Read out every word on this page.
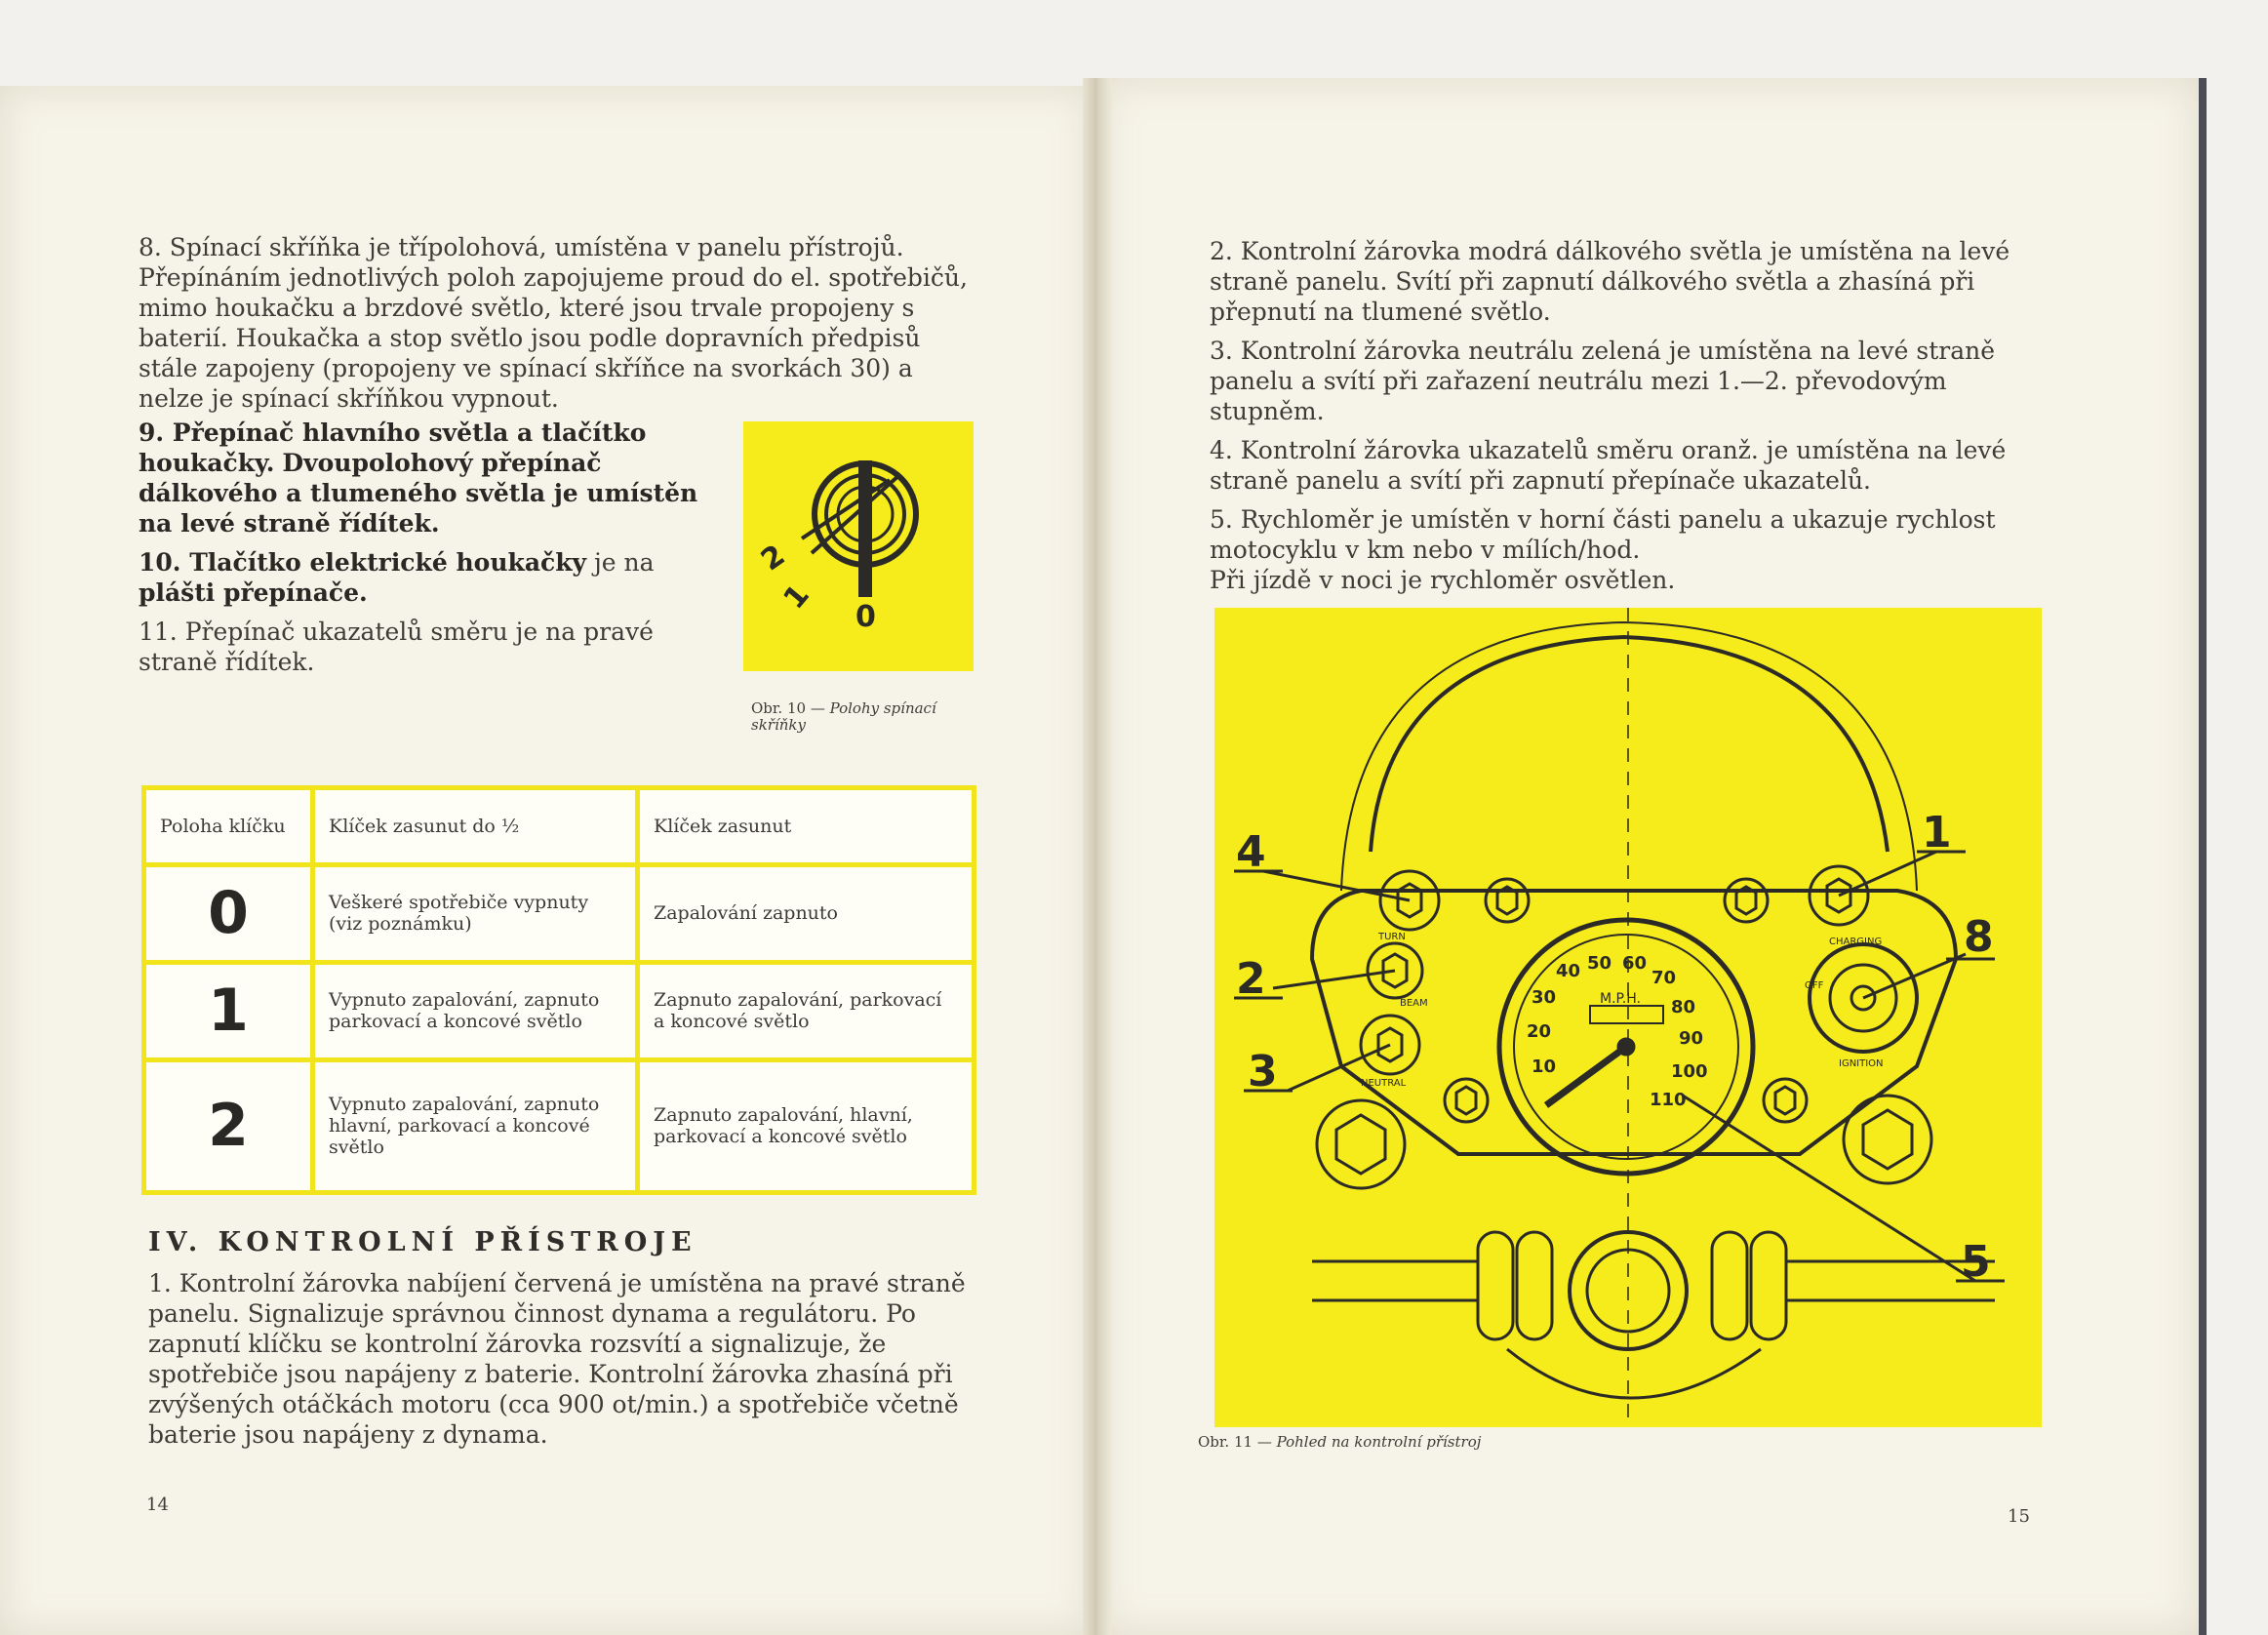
8. Spínací skříňka je třípolohová, umístěna v panelu přístrojů. Přepínáním jednotlivých poloh zapojujeme proud do el. spotřebičů, mimo houkačku a brzdové světlo, které jsou trvale propojeny s baterií. Houkačka a stop světlo jsou podle dopravních předpisů stále zapojeny (propojeny ve spínací skříňce na svorkách 30) a nelze je spínací skříňkou vypnout.

9. Přepínač hlavního světla a tlačítko houkačky. Dvoupolohový přepínač dálkového a tlumeného světla je umístěn na levé straně řídítek.

10. Tlačítko elektrické houkačky je na plášti přepínače.

11. Přepínač ukazatelů směru je na pravé straně řídítek.

2
1
0
Obr. 10 — Polohy spínací skříňky
Poloha klíčku	Klíček zasunut do ½	Klíček zasunut
0	Veškeré spotřebiče vypnuty (viz poznámku)	Zapalování zapnuto
1	Vypnuto zapalování, zapnuto parkovací a koncové světlo	Zapnuto zapalování, parkovací a koncové světlo
2	Vypnuto zapalování, zapnuto hlavní, parkovací a koncové světlo	Zapnuto zapalování, hlavní, parkovací a koncové světlo
IV. KONTROLNÍ PŘÍSTROJE

1. Kontrolní žárovka nabíjení červená je umístěna na pravé straně panelu. Signalizuje správnou činnost dynama a regulátoru. Po zapnutí klíčku se kontrolní žárovka rozsvítí a signalizuje, že spotřebiče jsou napájeny z baterie. Kontrolní žárovka zhasíná při zvýšených otáčkách motoru (cca 900 ot/min.) a spotřebiče včetně baterie jsou napájeny z dynama.

14

2. Kontrolní žárovka modrá dálkového světla je umístěna na levé straně panelu. Svítí při zapnutí dálkového světla a zhasíná při přepnutí na tlumené světlo.

3. Kontrolní žárovka neutrálu zelená je umístěna na levé straně panelu a svítí při zařazení neutrálu mezi 1.—2. převodovým stupněm.

4. Kontrolní žárovka ukazatelů směru oranž. je umístěna na levé straně panelu a svítí při zapnutí přepínače ukazatelů.

5. Rychloměr je umístěn v horní části panelu a ukazuje rychlost motocyklu v km nebo v mílích/hod.

Při jízdě v noci je rychloměr osvětlen.

M.P.H.
10
20
30
40 50 60
70
80
90
100
110
TURN
BEAM
NEUTRAL
CHARGING
OFF
IGNITION
1
2
3
4
5
8
Obr. 11 — Pohled na kontrolní přístroj
15
